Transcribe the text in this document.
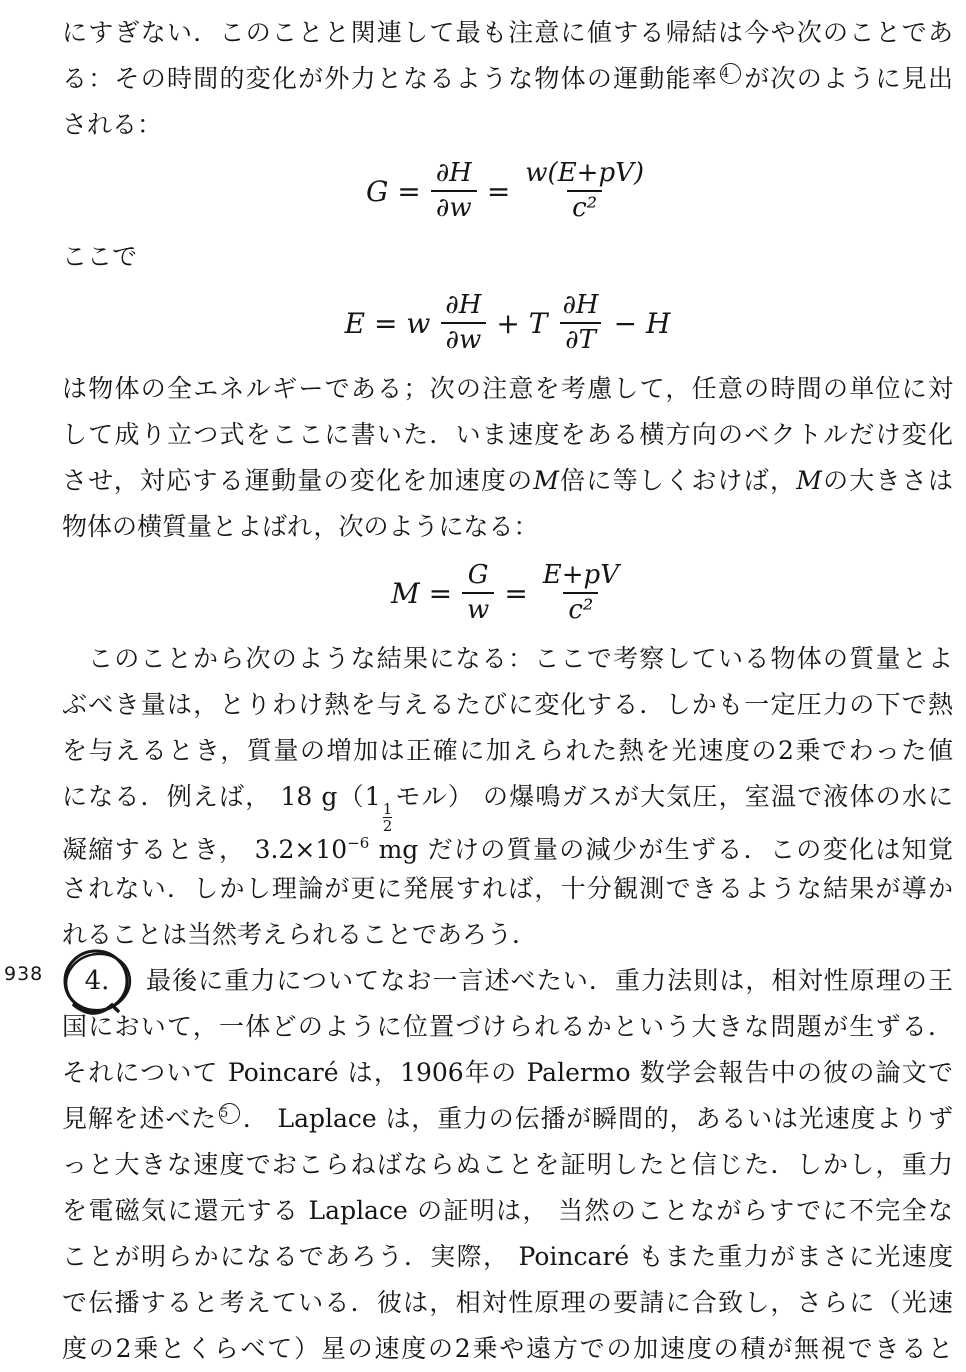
にすぎない．このことと関連して最も注意に値する帰結は今や次のことであ
る：その時間的変化が外力となるような物体の運動能率 4 が次のように見出
される：
$G = \frac{\partial H}{\partial w} = \frac{w(E+pV)}{\text{c²}}$
ここで
E = w $\frac{\partial H}{\partial w} + T \frac{\partial H}{\partial T} - H$
は物体の全エネルギーである；次の注意を考慮して，任意の時間の単位に対
して成り立つ式をここに書いた．いま速度をある横方向のベクトルだけ変化
させ，対応する運動量の変化を加速度のM倍に等しくおけば，Mの大きさは
物体の横質量とよばれ，次のようになる：
$M = \frac{G}{w} = \frac{E+pV}{\text{c²}}$
このことから次のような結果になる：ここで考察している物体の質量とよ
ぶべき量は，とりわけ熱を与えるたびに変化する．しかも一定圧力の下で熱
を与えるとき，質量の増加は正確に加えられた熱を光速度の2乗でわった値
になる．例えば， 18 g（1
$\frac{1}{2}$
モル） の爆鳴ガスが大気圧，室温で液体の水に
凝縮するとき， $3.2\times 10^{-6}$ mg だけの質量の減少が生ずる．この変化は知覚
されない．しかし理論が更に発展すれば，十分観測できるような結果が導か
れることは当然考えられることであろう．
938	4.	最後に重力についてなお一言述べたい．重力法則は，相対性原理の王
国において，一体どのように位置づけられるかという大きな問題が生ずる．
それについて Poincaré は，1906年の Palermo 数学会報告中の彼の論文で
見解を述べた 5 ． Laplace は，重力の伝播が瞬間的，あるいは光速度よりず
っと大きな速度でおこらねばならぬことを証明したと信じた．しかし，重力
を電磁気に還元する Laplace の証明は， 当然のことながらすでに不完全な
ことが明らかになるであろう．実際， Poincaré もまた重力がまさに光速度
で伝播すると考えている．彼は，相対性原理の要請に合致し，さらに（光速
度の2乗とくらべて）星の速度の2乗や遠方での加速度の積が無視できると
